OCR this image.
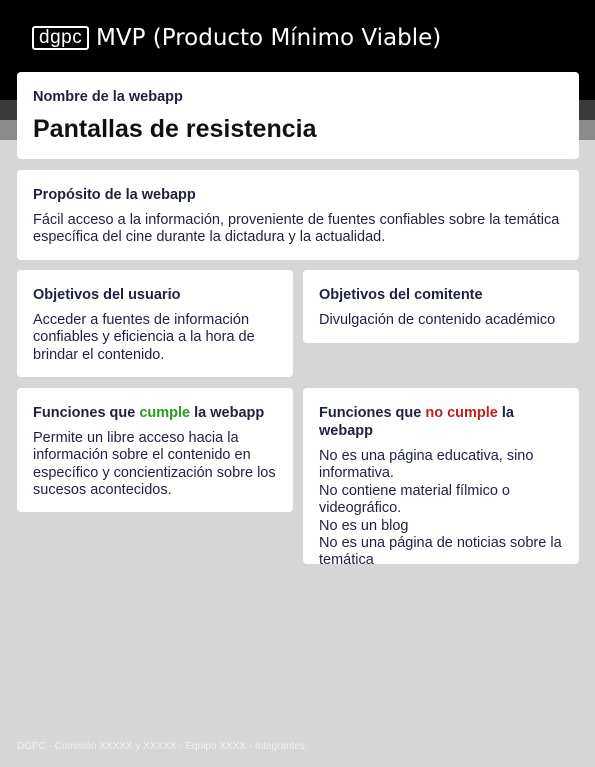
dgpc MVP (Producto Mínimo Viable)

Nombre de la webapp

Pantallas de resistencia

Propósito de la webapp

Fácil acceso a la información, proveniente de fuentes confiables sobre la temática específica del cine durante la dictadura y la actualidad.

Objetivos del usuario

Acceder a fuentes de información confiables y eficiencia a la hora de brindar el contenido.

Objetivos del comitente

Divulgación de contenido académico

Funciones que cumple la webapp

Permite un libre acceso hacia la información sobre el contenido en específico y concientización sobre los sucesos acontecidos.

Funciones que no cumple la webapp

No es una página educativa, sino informativa.
No contiene material fílmico o videográfico.
No es un blog
No es una página de noticias sobre la temática

DGPC - Comisión XXXXX y XXXXX - Equipo XXXX - Integrantes:
